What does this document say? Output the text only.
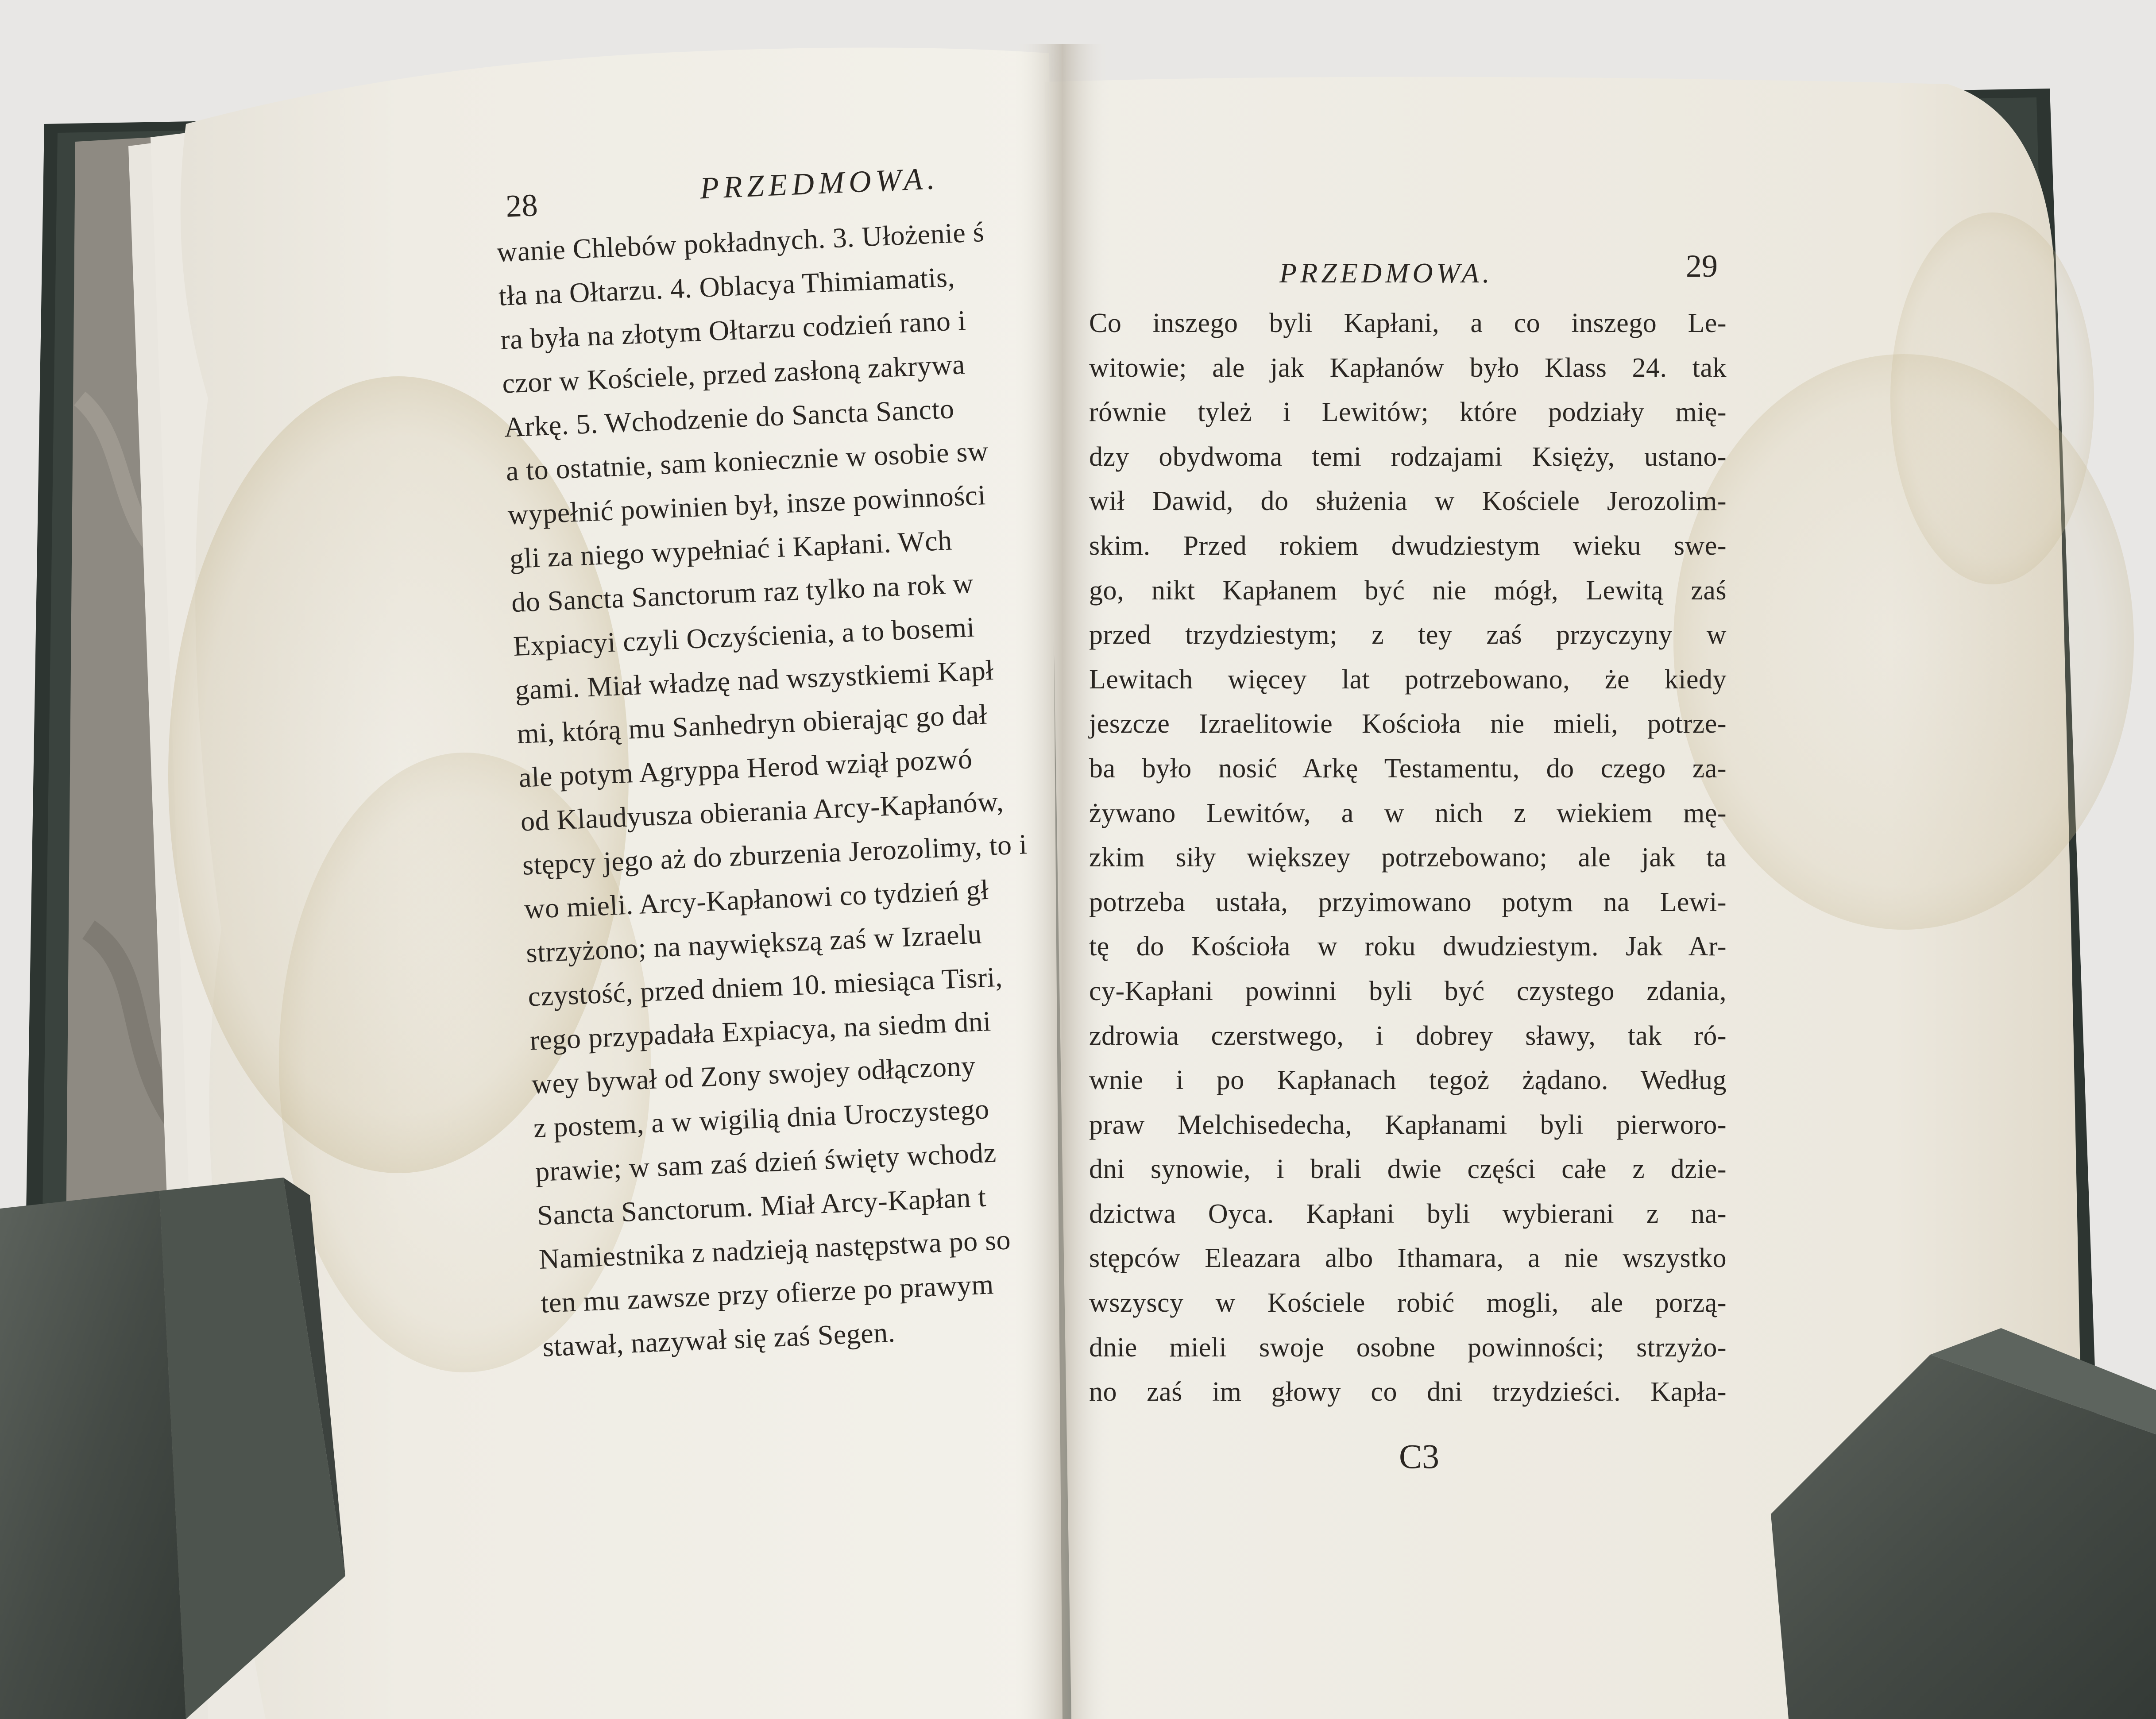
28	PRZEDMOWA.
wanie Chlebów pokładnych. 3. Ułożenie ś
tła na Ołtarzu. 4. Oblacya Thimiamatis,
ra była na złotym Ołtarzu codzień rano i
czor w Kościele, przed zasłoną zakrywa
Arkę. 5. Wchodzenie do Sancta Sancto
a to ostatnie, sam koniecznie w osobie sw
wypełnić powinien był, insze powinności
gli za niego wypełniać i Kapłani. Wch
do Sancta Sanctorum raz tylko na rok w
Expiacyi czyli Oczyścienia, a to bosemi
gami. Miał władzę nad wszystkiemi Kapł
mi, którą mu Sanhedryn obierając go dał
ale potym Agryppa Herod wziął pozwó
od Klaudyusza obierania Arcy-Kapłanów,
stępcy jego aż do zburzenia Jerozolimy, to i
wo mieli. Arcy-Kapłanowi co tydzień gł
strzyżono; na naywiększą zaś w Izraelu
czystość, przed dniem 10. miesiąca Tisri,
rego przypadała Expiacya, na siedm dni
wey bywał od Zony swojey odłączony
z postem, a w wigilią dnia Uroczystego
prawie; w sam zaś dzień święty wchodz
Sancta Sanctorum. Miał Arcy-Kapłan t
Namiestnika z nadzieją następstwa po so
ten mu zawsze przy ofierze po prawym
stawał, nazywał się zaś Segen.
PRZEDMOWA.	29
Co inszego byli Kapłani, a co inszego Le-
witowie; ale jak Kapłanów było Klass 24. tak
równie tyleż i Lewitów; które podziały mię-
dzy obydwoma temi rodzajami Księży, ustano-
wił Dawid, do służenia w Kościele Jerozolim-
skim. Przed rokiem dwudziestym wieku swe-
go, nikt Kapłanem być nie mógł, Lewitą zaś
przed trzydziestym; z tey zaś przyczyny w
Lewitach więcey lat potrzebowano, że kiedy
jeszcze Izraelitowie Kościoła nie mieli, potrze-
ba było nosić Arkę Testamentu, do czego za-
żywano Lewitów, a w nich z wiekiem mę-
zkim siły większey potrzebowano; ale jak ta
potrzeba ustała, przyimowano potym na Lewi-
tę do Kościoła w roku dwudziestym. Jak Ar-
cy-Kapłani powinni byli być czystego zdania,
zdrowia czerstwego, i dobrey sławy, tak ró-
wnie i po Kapłanach tegoż żądano. Według
praw Melchisedecha, Kapłanami byli pierworo-
dni synowie, i brali dwie części całe z dzie-
dzictwa Oyca. Kapłani byli wybierani z na-
stępców Eleazara albo Ithamara, a nie wszystko
wszyscy w Kościele robić mogli, ale porzą-
dnie mieli swoje osobne powinności; strzyżo-
no zaś im głowy co dni trzydzieści. Kapła-
C3
